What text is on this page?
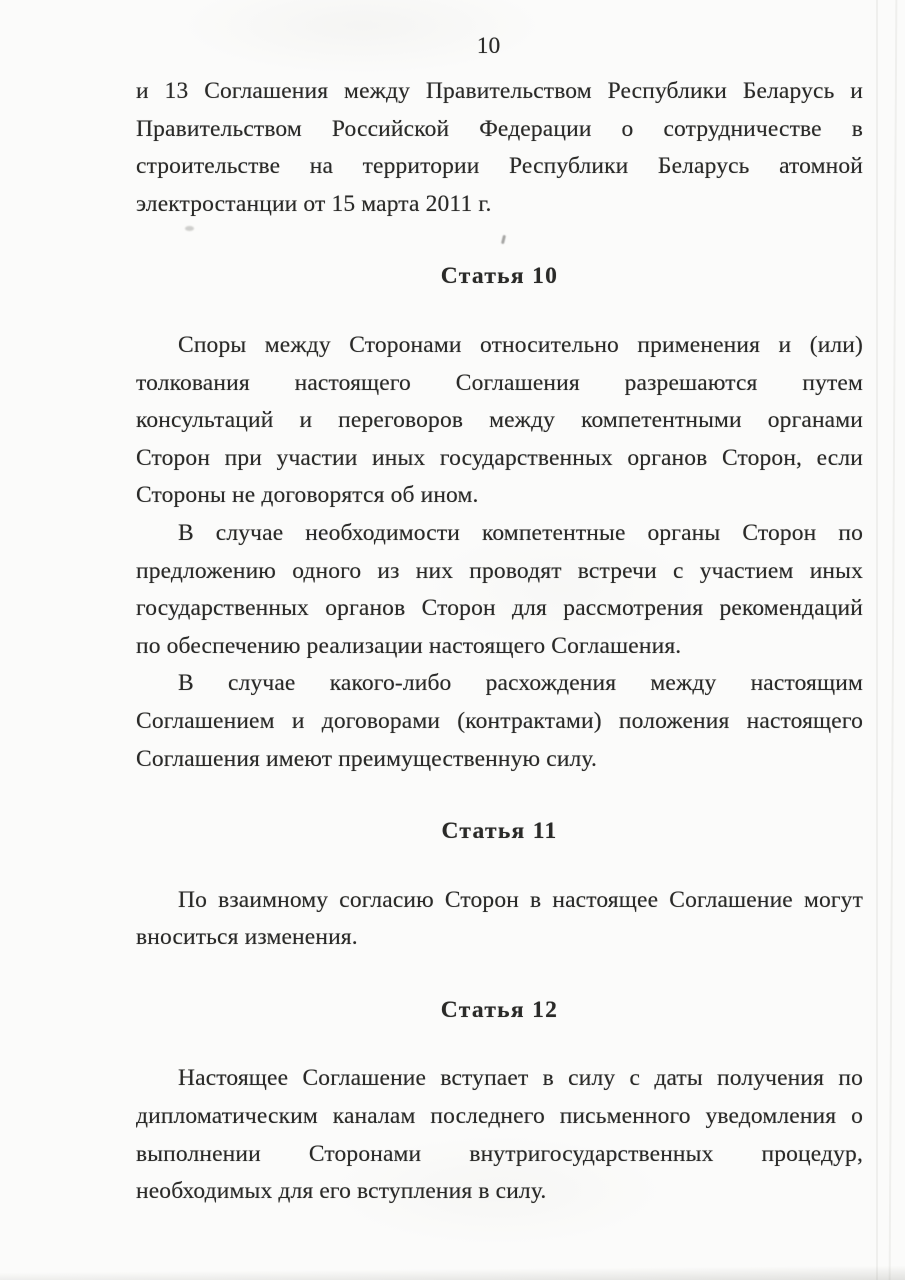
10
и 13 Соглашения между Правительством Республики Беларусь и
Правительством Российской Федерации о сотрудничестве в
строительстве на территории Республики Беларусь атомной
электростанции от 15 марта 2011 г.
Статья 10
Споры между Сторонами относительно применения и (или)
толкования настоящего Соглашения разрешаются путем
консультаций и переговоров между компетентными органами
Сторон при участии иных государственных органов Сторон, если
Стороны не договорятся об ином.
В случае необходимости компетентные органы Сторон по
предложению одного из них проводят встречи с участием иных
государственных органов Сторон для рассмотрения рекомендаций
по обеспечению реализации настоящего Соглашения.
В случае какого-либо расхождения между настоящим
Соглашением и договорами (контрактами) положения настоящего
Соглашения имеют преимущественную силу.
Статья 11
По взаимному согласию Сторон в настоящее Соглашение могут
вноситься изменения.
Статья 12
Настоящее Соглашение вступает в силу с даты получения по
дипломатическим каналам последнего письменного уведомления о
выполнении Сторонами внутригосударственных процедур,
необходимых для его вступления в силу.
